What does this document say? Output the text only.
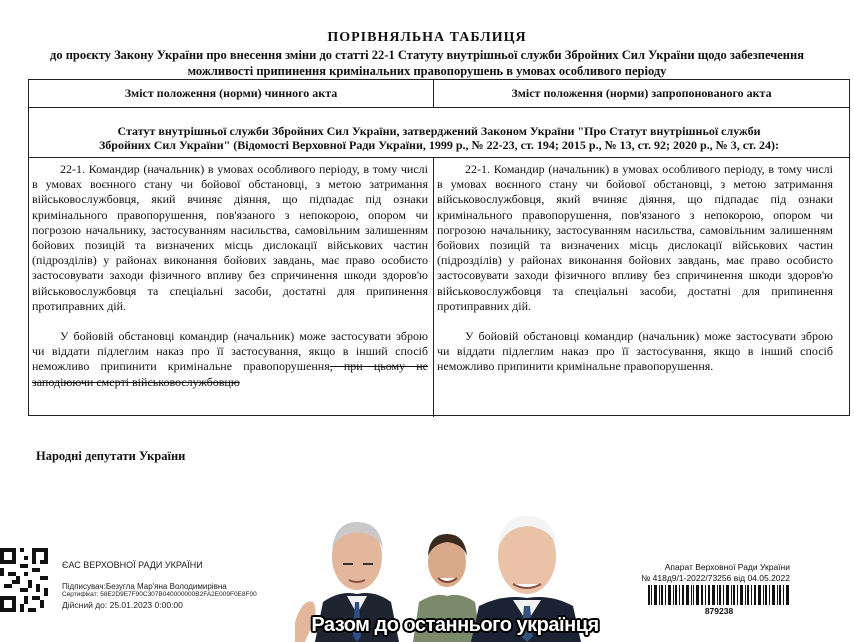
ПОРІВНЯЛЬНА ТАБЛИЦЯ
до проєкту Закону України про внесення зміни до статті 22-1 Статуту внутрішньої служби Збройних Сил України щодо забезпечення
можливості припинення кримінальних правопорушень в умовах особливого періоду
Зміст положення (норми) чинного акта	Зміст положення (норми) запропонованого акта
Статут внутрішньої служби Збройних Сил України, затверджений Законом України "Про Статут внутрішньої служби
Збройних Сил України" (Відомості Верховної Ради України, 1999 р., № 22-23, ст. 194; 2015 р., № 13, ст. 92; 2020 р., № 3, ст. 24):

22-1. Командир (начальник) в умовах особливого періоду, в тому числі в умовах воєнного стану чи бойової обстановці, з метою затримання військовослужбовця, який вчиняє діяння, що підпадає під ознаки кримінального правопорушення, пов'язаного з непокорою, опором чи погрозою начальнику, застосуванням насильства, самовільним залишенням бойових позицій та визначених місць дислокації військових частин (підрозділів) у районах виконання бойових завдань, має право особисто застосовувати заходи фізичного впливу без спричинення шкоди здоров'ю військовослужбовця та спеціальні засоби, достатні для припинення протиправних дій.

У бойовій обстановці командир (начальник) може застосувати зброю чи віддати підлеглим наказ про її застосування, якщо в інший спосіб неможливо припинити кримінальне правопорушення, при цьому не заподіюючи смерті військовослужбовцю

22-1. Командир (начальник) в умовах особливого періоду, в тому числі в умовах воєнного стану чи бойової обстановці, з метою затримання військовослужбовця, який вчиняє діяння, що підпадає під ознаки кримінального правопорушення, пов'язаного з непокорою, опором чи погрозою начальнику, застосуванням насильства, самовільним залишенням бойових позицій та визначених місць дислокації військових частин (підрозділів) у районах виконання бойових завдань, має право особисто застосовувати заходи фізичного впливу без спричинення шкоди здоров'ю військовослужбовця та спеціальні засоби, достатні для припинення протиправних дій.

У бойовій обстановці командир (начальник) може застосувати зброю чи віддати підлеглим наказ про її застосування, якщо в інший спосіб неможливо припинити кримінальне правопорушення.

Народні депутати України
ЄАС ВЕРХОВНОЇ РАДИ УКРАЇНИ
Підписувач:Безугла Мар'яна Володимирівна
Сертифікат: 58E2D9E7F90C307B040000000B2FA2E009F0E8F00
Дійсний до: 25.01.2023 0:00:00
Апарат Верховної Ради України
№ 418д9/1-2022/73256 від 04.05.2022
879238
Разом до останнього українця
